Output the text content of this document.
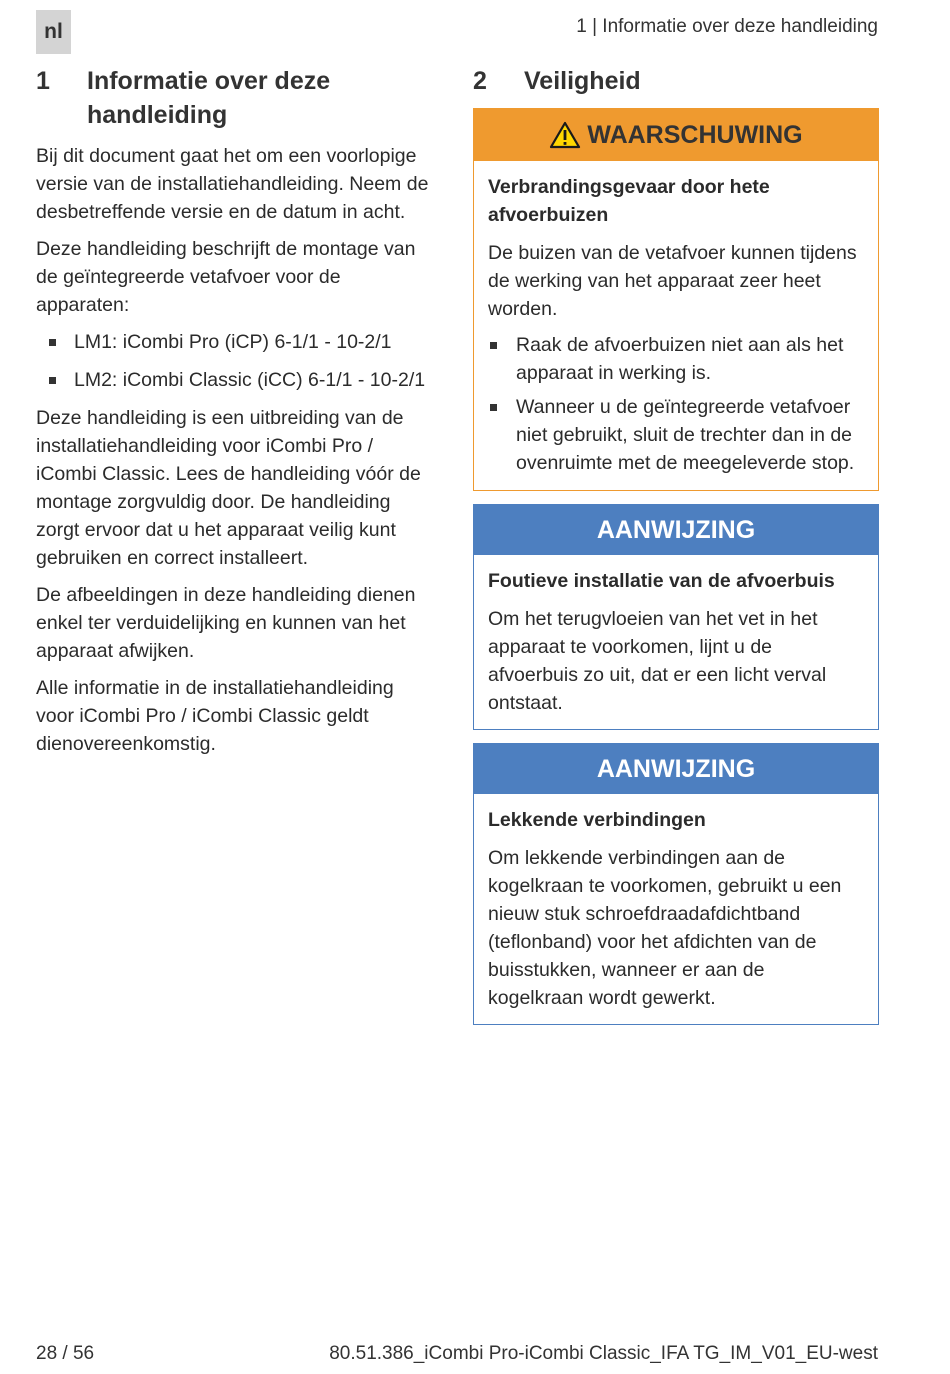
nl	1 | Informatie over deze handleiding
1	Informatie over deze handleiding

Bij dit document gaat het om een voorlopige versie van de installatiehandleiding. Neem de desbetreffende versie en de datum in acht.

Deze handleiding beschrijft de montage van de geïntegreerde vetafvoer voor de apparaten:

LM1: iCombi Pro (iCP) 6-1/1 - 10-2/1
LM2: iCombi Classic (iCC) 6-1/1 - 10-2/1

Deze handleiding is een uitbreiding van de installatiehandleiding voor iCombi Pro / iCombi Classic. Lees de handleiding vóór de montage zorgvuldig door. De handleiding zorgt ervoor dat u het apparaat veilig kunt gebruiken en correct installeert.

De afbeeldingen in deze handleiding dienen enkel ter verduidelijking en kunnen van het apparaat afwijken.

Alle informatie in de installatiehandleiding voor iCombi Pro / iCombi Classic geldt dienovereenkomstig.

2	Veiligheid
WAARSCHUWING

Verbrandingsgevaar door hete afvoerbuizen

De buizen van de vetafvoer kunnen tijdens de werking van het apparaat zeer heet worden.

Raak de afvoerbuizen niet aan als het apparaat in werking is.
Wanneer u de geïntegreerde vetafvoer niet gebruikt, sluit de trechter dan in de ovenruimte met de meegeleverde stop.
AANWIJZING

Foutieve installatie van de afvoerbuis

Om het terugvloeien van het vet in het apparaat te voorkomen, lijnt u de afvoerbuis zo uit, dat er een licht verval ontstaat.

AANWIJZING

Lekkende verbindingen

Om lekkende verbindingen aan de kogelkraan te voorkomen, gebruikt u een nieuw stuk schroefdraadafdichtband (teflonband) voor het afdichten van de buisstukken, wanneer er aan de kogelkraan wordt gewerkt.

28 / 56	80.51.386_iCombi Pro-iCombi Classic_IFA TG_IM_V01_EU-west
